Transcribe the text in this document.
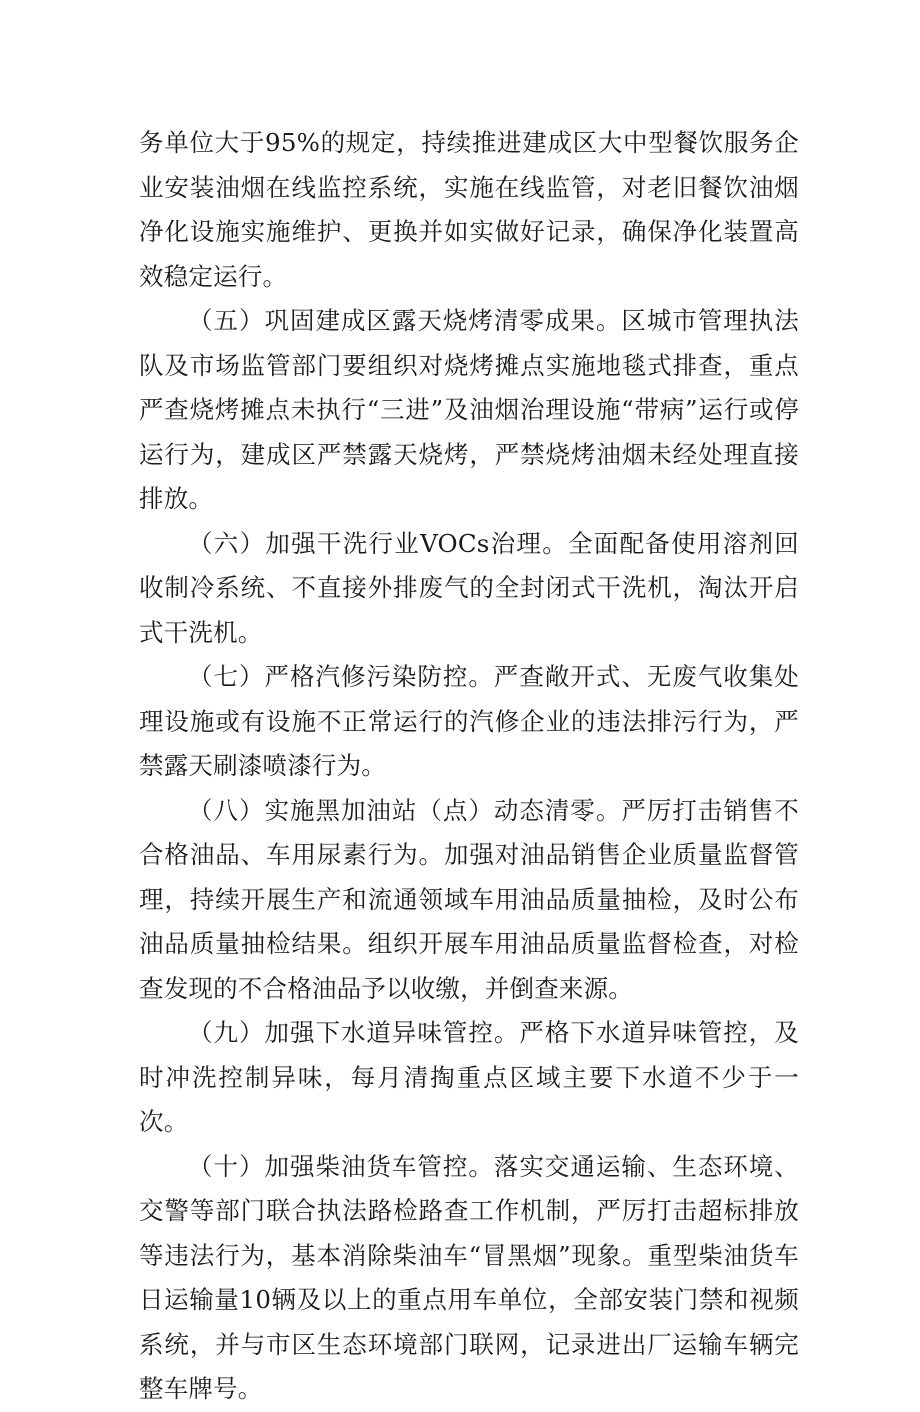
务单位大于95%的规定，持续推进建成区大中型餐饮服务企业安装油烟在线监控系统，实施在线监管，对老旧餐饮油烟净化设施实施维护、更换并如实做好记录，确保净化装置高效稳定运行。

（五）巩固建成区露天烧烤清零成果。区城市管理执法队及市场监管部门要组织对烧烤摊点实施地毯式排查，重点严查烧烤摊点未执行“三进”及油烟治理设施“带病”运行或停运行为，建成区严禁露天烧烤，严禁烧烤油烟未经处理直接排放。

（六）加强干洗行业VOCs治理。全面配备使用溶剂回收制冷系统、不直接外排废气的全封闭式干洗机，淘汰开启式干洗机。

（七）严格汽修污染防控。严查敞开式、无废气收集处理设施或有设施不正常运行的汽修企业的违法排污行为，严禁露天刷漆喷漆行为。

（八）实施黑加油站（点）动态清零。严厉打击销售不合格油品、车用尿素行为。加强对油品销售企业质量监督管理，持续开展生产和流通领域车用油品质量抽检，及时公布油品质量抽检结果。组织开展车用油品质量监督检查，对检查发现的不合格油品予以收缴，并倒查来源。

（九）加强下水道异味管控。严格下水道异味管控，及时冲洗控制异味，每月清掏重点区域主要下水道不少于一次。

（十）加强柴油货车管控。落实交通运输、生态环境、交警等部门联合执法路检路查工作机制，严厉打击超标排放等违法行为，基本消除柴油车“冒黑烟”现象。重型柴油货车日运输量10辆及以上的重点用车单位，全部安装门禁和视频系统，并与市区生态环境部门联网，记录进出厂运输车辆完整车牌号。
